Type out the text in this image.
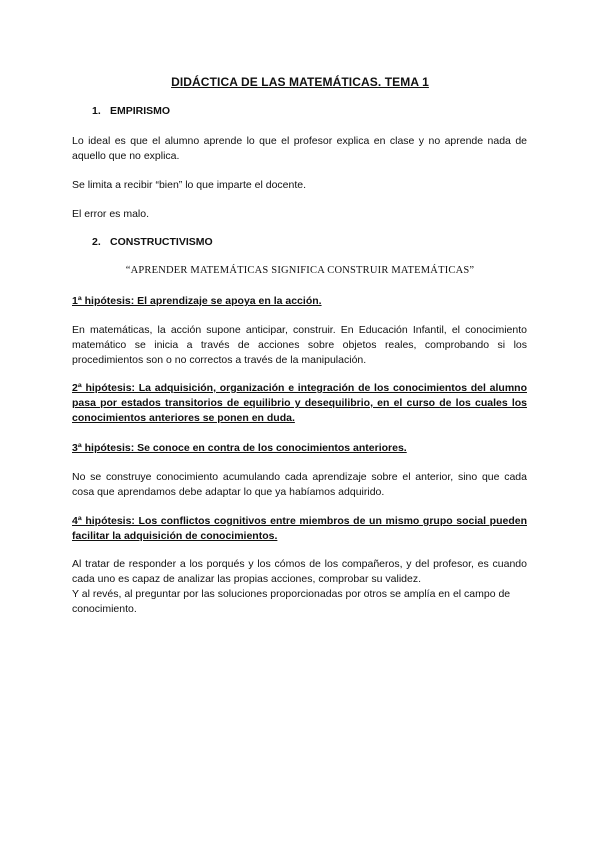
DIDÁCTICA DE LAS MATEMÁTICAS. TEMA 1
1. EMPIRISMO
Lo ideal es que el alumno aprende lo que el profesor explica en clase y no aprende nada de aquello que no explica.
Se limita a recibir “bien” lo que imparte el docente.
El error es malo.
2. CONSTRUCTIVISMO
“APRENDER MATEMÁTICAS SIGNIFICA CONSTRUIR MATEMÁTICAS”
1ª hipótesis: El aprendizaje se apoya en la acción.
En matemáticas, la acción supone anticipar, construir. En Educación Infantil, el conocimiento matemático se inicia a través de acciones sobre objetos reales, comprobando si los procedimientos son o no correctos a través de la manipulación.
2ª hipótesis: La adquisición, organización e integración de los conocimientos del alumno pasa por estados transitorios de equilibrio y desequilibrio, en el curso de los cuales los conocimientos anteriores se ponen en duda.
3ª hipótesis: Se conoce en contra de los conocimientos anteriores.
No se construye conocimiento acumulando cada aprendizaje sobre el anterior, sino que cada cosa que aprendamos debe adaptar lo que ya habíamos adquirido.
4ª hipótesis: Los conflictos cognitivos entre miembros de un mismo grupo social pueden facilitar la adquisición de conocimientos.
Al tratar de responder a los porqués y los cómos de los compañeros, y del profesor, es cuando cada uno es capaz de analizar las propias acciones, comprobar su validez.
Y al revés, al preguntar por las soluciones proporcionadas por otros se amplía en el campo de conocimiento.
